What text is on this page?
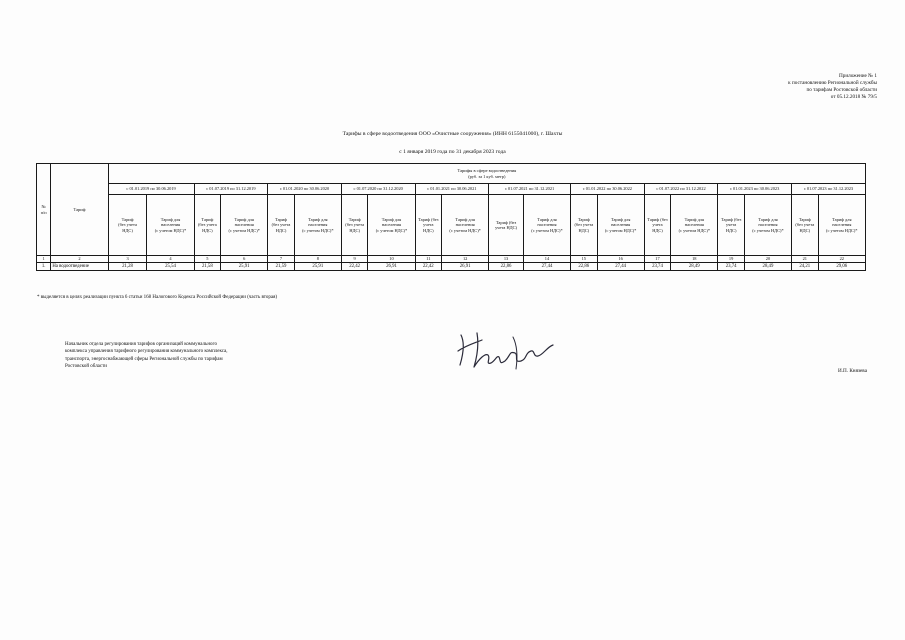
Приложение № 1
к постановлению Региональной службы
по тарифам Ростовской области
от 05.12.2018 № 79/5
Тарифы в сфере водоотведения ООО «Очистные сооружения» (ИНН 6155041000), г. Шахты
с 1 января 2019 года по 31 декабря 2023 года
№
п/п	Тариф	Тарифы в сфере водоотведения
(руб. за 1 куб. метр)																			
		с 01.01.2019 по 30.06.2019		с 01.07.2019 по 31.12.2019		с 01.01.2020 по 30.06.2020		с 01.07.2020 по 31.12.2020		с 01.01.2021 по 30.06.2021		с 01.07.2021 по 31.12.2021		с 01.01.2022 по 30.06.2022		с 01.07.2022 по 31.12.2022		с 01.01.2023 по 30.06.2023		с 01.07.2023 по 31.12.2023	
		Тариф
(без учета
НДС)	Тариф для
населения
(с учетом НДС)*	Тариф
(без учета
НДС)	Тариф для
населения
(с учетом НДС)*	Тариф
(без учета
НДС)	Тариф для
населения
(с учетом НДС)*	Тариф
(без учета
НДС)	Тариф для
населения
(с учетом НДС)*	Тариф (без
учета
НДС)	Тариф для
населения
(с учетом НДС)*	Тариф (без
учета НДС)	Тариф для
населения
(с учетом НДС)*	Тариф
(без учета
НДС)	Тариф для
населения
(с учетом НДС)*	Тариф (без
учета
НДС)	Тариф для
населения
(с учетом НДС)*	Тариф (без
учета
НДС)	Тариф для
населения
(с учетом НДС)*	Тариф
(без учета
НДС)	Тариф для
населения
(с учетом НДС)*
1	2	3	4	5	6	7	8	9	10	11	12	13	14	15	16	17	18	19	20	21	22
1.	На водоотведение	21,28	25,54	21,58	25,91	21,59	25,91	22,42	26,91	22,42	26,91	22,86	27,44	22,86	27,44	23,74	28,49	23,74	28,49	24,21	29,06
* выделяется в целях реализации пункта 6 статьи 168 Налогового Кодекса Российской Федерации (часть вторая)
Начальник отдела регулирования тарифов организаций коммунального
комплекса управления тарифного регулирования коммунального комплекса,
транспорта, энергоснабжающей сферы Региональной службы по тарифам
Ростовской области
И.П. Князева
